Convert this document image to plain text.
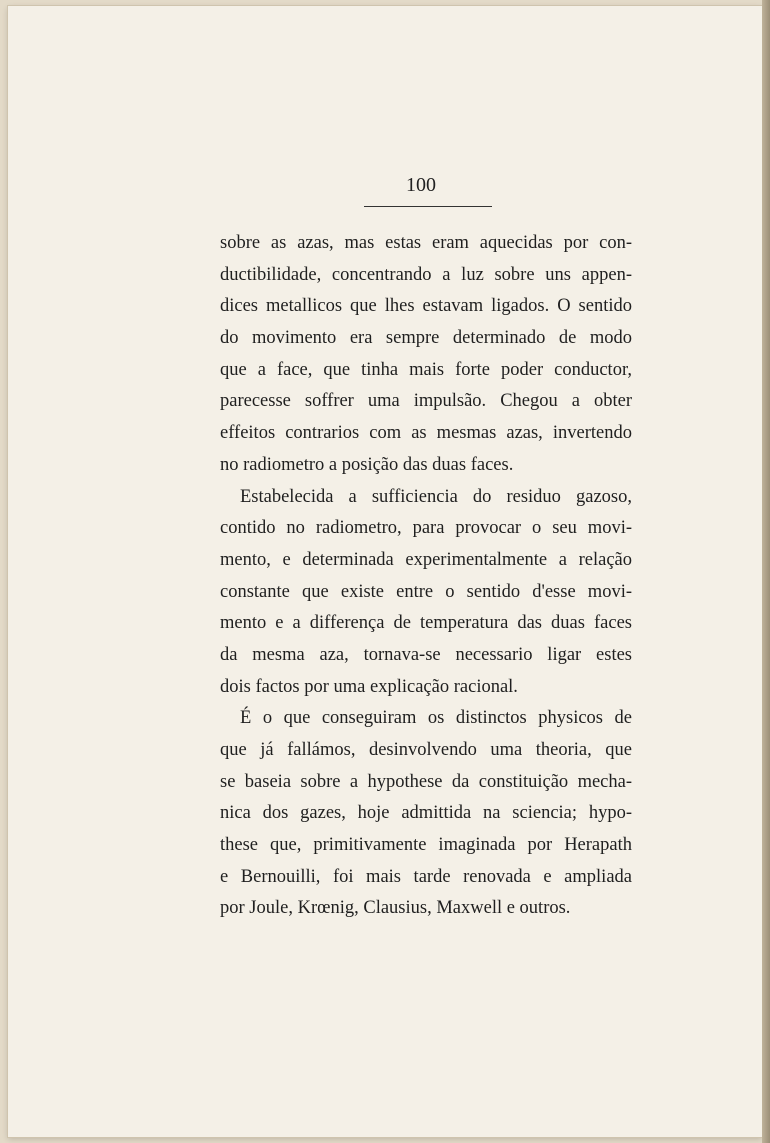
100
sobre as azas, mas estas eram aquecidas por con-
ductibilidade, concentrando a luz sobre uns appen-
dices metallicos que lhes estavam ligados. O sentido
do movimento era sempre determinado de modo
que a face, que tinha mais forte poder conductor,
parecesse soffrer uma impulsão. Chegou a obter
effeitos contrarios com as mesmas azas, invertendo
no radiometro a posição das duas faces.
Estabelecida a sufficiencia do residuo gazoso,
contido no radiometro, para provocar o seu movi-
mento, e determinada experimentalmente a relação
constante que existe entre o sentido d'esse movi-
mento e a differença de temperatura das duas faces
da mesma aza, tornava-se necessario ligar estes
dois factos por uma explicação racional.
É o que conseguiram os distinctos physicos de
que já fallámos, desinvolvendo uma theoria, que
se baseia sobre a hypothese da constituição mecha-
nica dos gazes, hoje admittida na sciencia; hypo-
these que, primitivamente imaginada por Herapath
e Bernouilli, foi mais tarde renovada e ampliada
por Joule, Krœnig, Clausius, Maxwell e outros.
